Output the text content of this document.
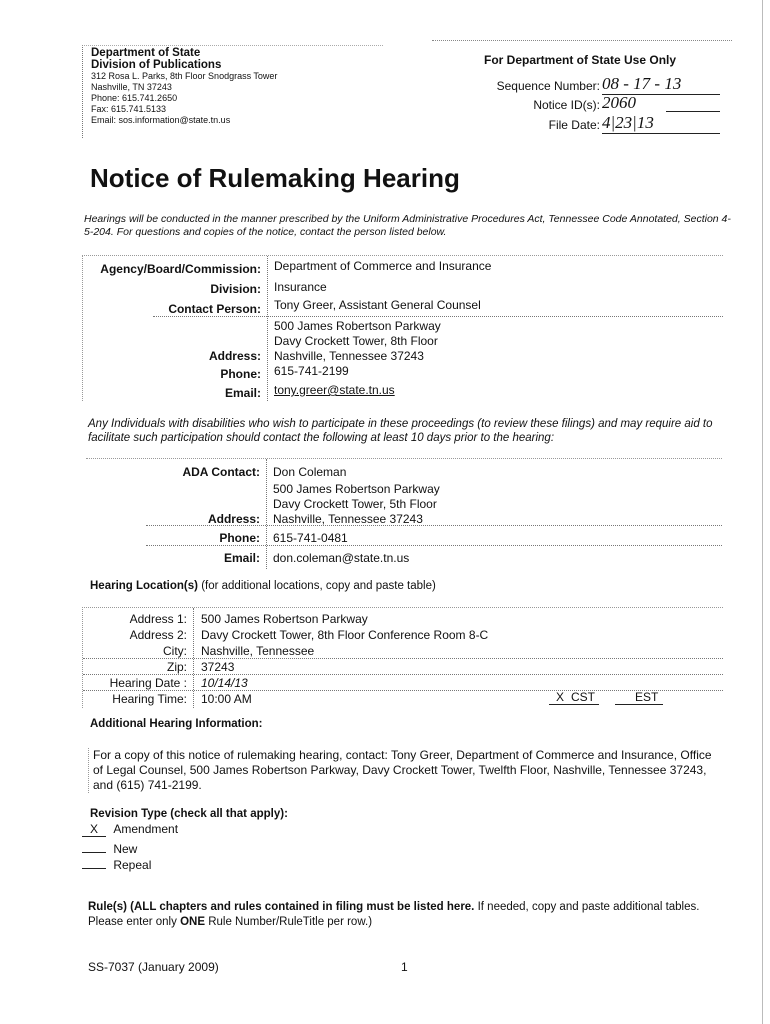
Department of State
Division of Publications
312 Rosa L. Parks, 8th Floor Snodgrass Tower
Nashville, TN 37243
Phone: 615.741.2650
Fax: 615.741.5133
Email: sos.information@state.tn.us
For Department of State Use Only
Sequence Number: 08 - 17 - 13
Notice ID(s): 2060
File Date: 4|23|13
Notice of Rulemaking Hearing
Hearings will be conducted in the manner prescribed by the Uniform Administrative Procedures Act, Tennessee Code Annotated, Section 4-5-204. For questions and copies of the notice, contact the person listed below.
Agency/Board/Commission: Department of Commerce and Insurance
Division: Insurance
Contact Person: Tony Greer, Assistant General Counsel
500 James Robertson Parkway
Davy Crockett Tower, 8th Floor
Address: Nashville, Tennessee 37243
Phone: 615-741-2199
Email: tony.greer@state.tn.us
Any Individuals with disabilities who wish to participate in these proceedings (to review these filings) and may require aid to facilitate such participation should contact the following at least 10 days prior to the hearing:
ADA Contact: Don Coleman
500 James Robertson Parkway
Davy Crockett Tower, 5th Floor
Address: Nashville, Tennessee 37243
Phone: 615-741-0481
Email: don.coleman@state.tn.us
Hearing Location(s) (for additional locations, copy and paste table)
Address 1: 500 James Robertson Parkway
Address 2: Davy Crockett Tower, 8th Floor Conference Room 8-C
City: Nashville, Tennessee
Zip: 37243
Hearing Date : 10/14/13
Hearing Time: 10:00 AM	X CST	EST
Additional Hearing Information:
For a copy of this notice of rulemaking hearing, contact: Tony Greer, Department of Commerce and Insurance, Office of Legal Counsel, 500 James Robertson Parkway, Davy Crockett Tower, Twelfth Floor, Nashville, Tennessee 37243, and (615) 741-2199.
Revision Type (check all that apply):
X Amendment
New
Repeal
Rule(s) (ALL chapters and rules contained in filing must be listed here. If needed, copy and paste additional tables. Please enter only ONE Rule Number/RuleTitle per row.)
SS-7037 (January 2009)	1
